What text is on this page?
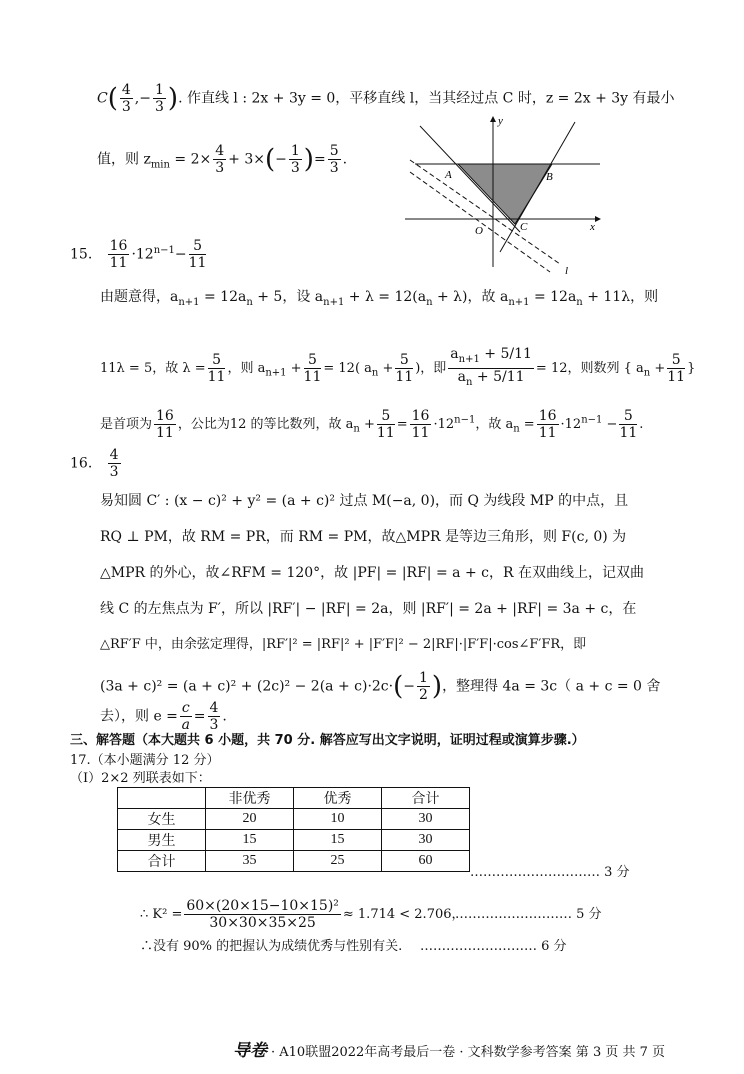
$C( \frac{4}{3}$ ,− $\frac{1}{3}$ ). 作直线 l : 2x + 3y = 0，平移直线 l，当其经过点 C 时，z = 2x + 3y 有最小
值，则 $z_{min} = 2\times \frac{4}{3} + 3\times(- \frac{1}{3}$ )= $\frac{5}{3}$ .
y
x
O
A	B
C
l
15. $\frac{16}{11} \cdot 12^{n-1}- \frac{5}{11}$
由题意得，$a_{n+1} = 12a_n + 5$，设 $a_{n+1} + \lambda = 12(a_n + \lambda)$，故 $a_{n+1} = 12a_n + 11\lambda$，则
11λ = 5，故 $\lambda = \frac{5}{11}$ ，则 $a_{n+1} + \frac{5}{11} = 12$( $a_n + \frac{5}{11}$ )，即 $\frac{a_{n+1} + 5/11}{a_n + 5/11} = 12$，则数列 { $a_n + \frac{5}{11}$ }
是首项为 $\frac{16}{11}$ ，公比为12 的等比数列，故 $a_n + \frac{5}{11} = \frac{16}{11} \cdot 12^{n-1}$，故 $a_n = \frac{16}{11} \cdot 12^{n-1} - \frac{5}{11}$ .
16. $\frac{4}{3}$
易知圆 C′ : (x − c)² + y² = (a + c)² 过点 M(−a, 0)，而 Q 为线段 MP 的中点，且
RQ ⊥ PM，故 RM = PR，而 RM = PM，故△MPR 是等边三角形，则 F(c, 0) 为
△MPR 的外心，故∠RFM = 120°，故 |PF| = |RF| = a + c，R 在双曲线上，记双曲
线 C 的左焦点为 F′，所以 |RF′| − |RF| = 2a，则 |RF′| = 2a + |RF| = 3a + c，在
△RF′F 中，由余弦定理得，|RF′|² = |RF|² + |F′F|² − 2|RF|·|F′F|·cos∠F′FR，即
$(3a + c)^2 = (a + c)^2 + (2c)^2 - 2(a + c)\cdot 2c\cdot(- \frac{1}{2}$ )，整理得 4a = 3c（ a + c = 0 舍
去），则 $e = \frac{c}{a} = \frac{4}{3}$ .
三、解答题（本大题共 6 小题，共 70 分. 解答应写出文字说明，证明过程或演算步骤.）
17.（本小题满分 12 分）
（Ⅰ）2×2 列联表如下：
	非优秀	优秀	合计
女生	20	10	30
男生	15	15	30
合计	35	25	60
………………………… 3 分
∴ $K^2 = \frac{\text{60×(20×15−10×15)²}}{30\times 30\times 35\times 25} \approx 1.714 < 2.706$，
……………………… 5 分
∴没有 90% 的把握认为成绩优秀与性别有关. ……………………… 6 分
导卷 · A10联盟2022年高考最后一卷 · 文科数学参考答案 第 3 页 共 7 页
